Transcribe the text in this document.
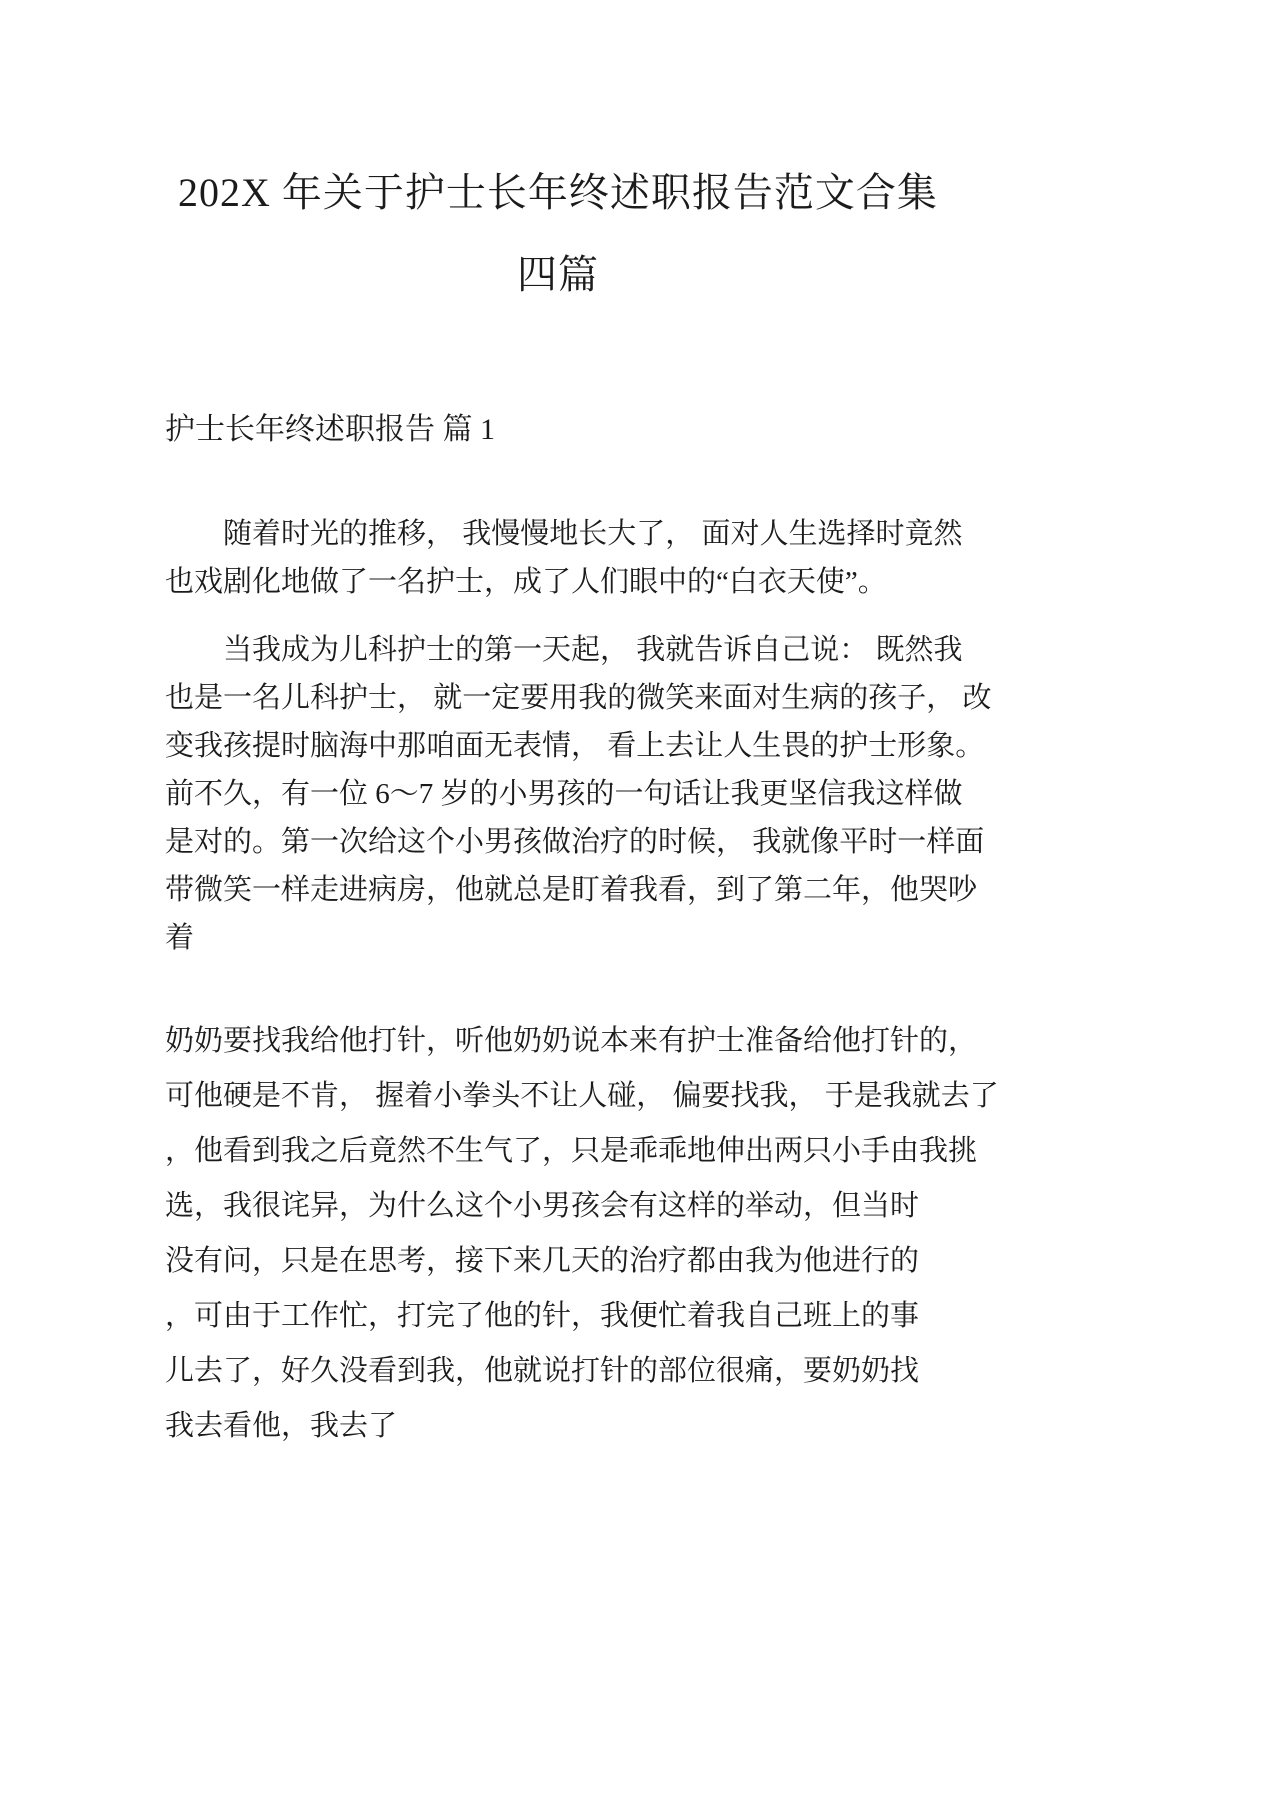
202X 年关于护士长年终述职报告范文合集
四篇
护士长年终述职报告 篇 1
随着时光的推移， 我慢慢地长大了， 面对人生选择时竟然
也戏剧化地做了一名护士，成了人们眼中的“白衣天使”。
当我成为儿科护士的第一天起， 我就告诉自己说： 既然我
也是一名儿科护士， 就一定要用我的微笑来面对生病的孩子， 改
变我孩提时脑海中那咱面无表情， 看上去让人生畏的护士形象。
前不久，有一位 6～7 岁的小男孩的一句话让我更坚信我这样做
是对的。第一次给这个小男孩做治疗的时候， 我就像平时一样面
带微笑一样走进病房，他就总是盯着我看，到了第二年，他哭吵
着
奶奶要找我给他打针，听他奶奶说本来有护士准备给他打针的，
可他硬是不肯， 握着小拳头不让人碰， 偏要找我， 于是我就去了
，他看到我之后竟然不生气了，只是乖乖地伸出两只小手由我挑
选，我很诧异，为什么这个小男孩会有这样的举动，但当时
没有问，只是在思考，接下来几天的治疗都由我为他进行的
，可由于工作忙，打完了他的针，我便忙着我自己班上的事
儿去了，好久没看到我，他就说打针的部位很痛，要奶奶找
我去看他，我去了
